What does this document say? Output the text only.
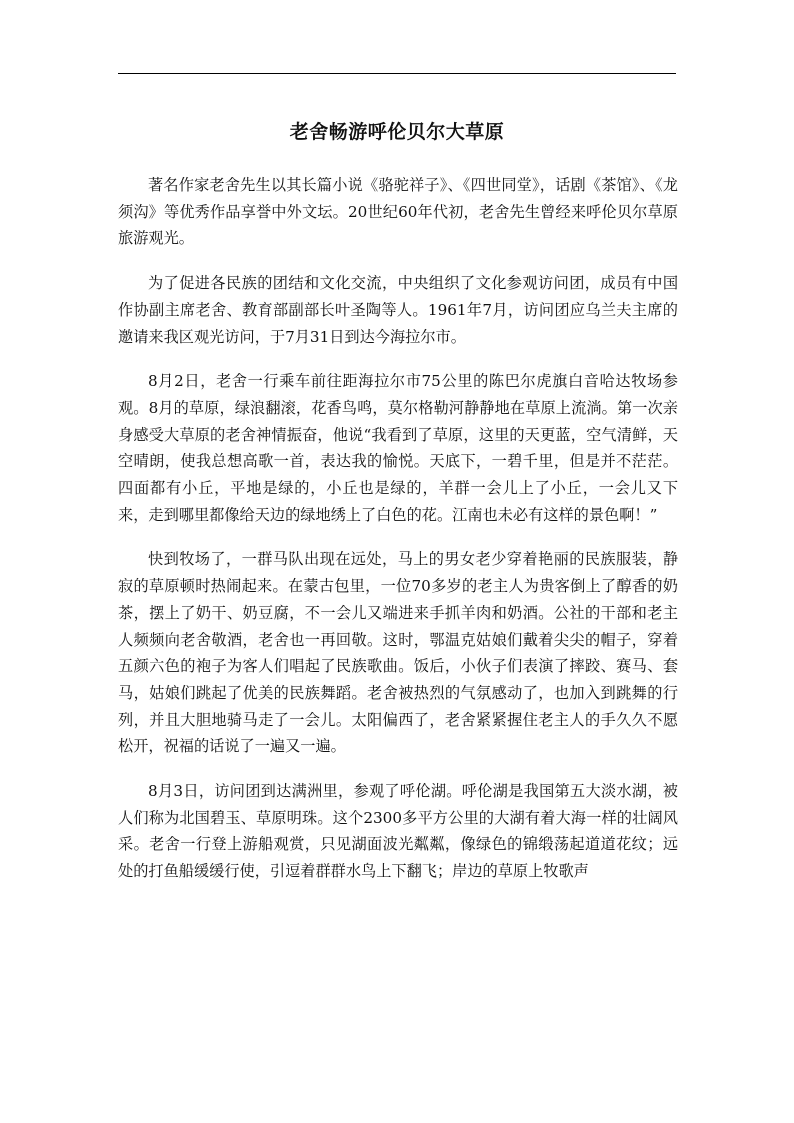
老舍畅游呼伦贝尔大草原

著名作家老舍先生以其长篇小说《骆驼祥子》、《四世同堂》，话剧《茶馆》、《龙须沟》等优秀作品享誉中外文坛。20世纪60年代初，老舍先生曾经来呼伦贝尔草原旅游观光。

为了促进各民族的团结和文化交流，中央组织了文化参观访问团，成员有中国作协副主席老舍、教育部副部长叶圣陶等人。1961年7月，访问团应乌兰夫主席的邀请来我区观光访问，于7月31日到达今海拉尔市。

8月2日，老舍一行乘车前往距海拉尔市75公里的陈巴尔虎旗白音哈达牧场参观。8月的草原，绿浪翻滚，花香鸟鸣，莫尔格勒河静静地在草原上流淌。第一次亲身感受大草原的老舍神情振奋，他说“我看到了草原，这里的天更蓝，空气清鲜，天空晴朗，使我总想高歌一首，表达我的愉悦。天底下，一碧千里，但是并不茫茫。四面都有小丘，平地是绿的，小丘也是绿的，羊群一会儿上了小丘，一会儿又下来，走到哪里都像给天边的绿地绣上了白色的花。江南也未必有这样的景色啊！”

快到牧场了，一群马队出现在远处，马上的男女老少穿着艳丽的民族服装，静寂的草原顿时热闹起来。在蒙古包里，一位70多岁的老主人为贵客倒上了醇香的奶茶，摆上了奶干、奶豆腐，不一会儿又端进来手抓羊肉和奶酒。公社的干部和老主人频频向老舍敬酒，老舍也一再回敬。这时，鄂温克姑娘们戴着尖尖的帽子，穿着五颜六色的袍子为客人们唱起了民族歌曲。饭后，小伙子们表演了摔跤、赛马、套马，姑娘们跳起了优美的民族舞蹈。老舍被热烈的气氛感动了，也加入到跳舞的行列，并且大胆地骑马走了一会儿。太阳偏西了，老舍紧紧握住老主人的手久久不愿松开，祝福的话说了一遍又一遍。

8月3日，访问团到达满洲里，参观了呼伦湖。呼伦湖是我国第五大淡水湖，被人们称为北国碧玉、草原明珠。这个2300多平方公里的大湖有着大海一样的壮阔风采。老舍一行登上游船观赏，只见湖面波光粼粼，像绿色的锦缎荡起道道花纹；远处的打鱼船缓缓行使，引逗着群群水鸟上下翻飞；岸边的草原上牧歌声
